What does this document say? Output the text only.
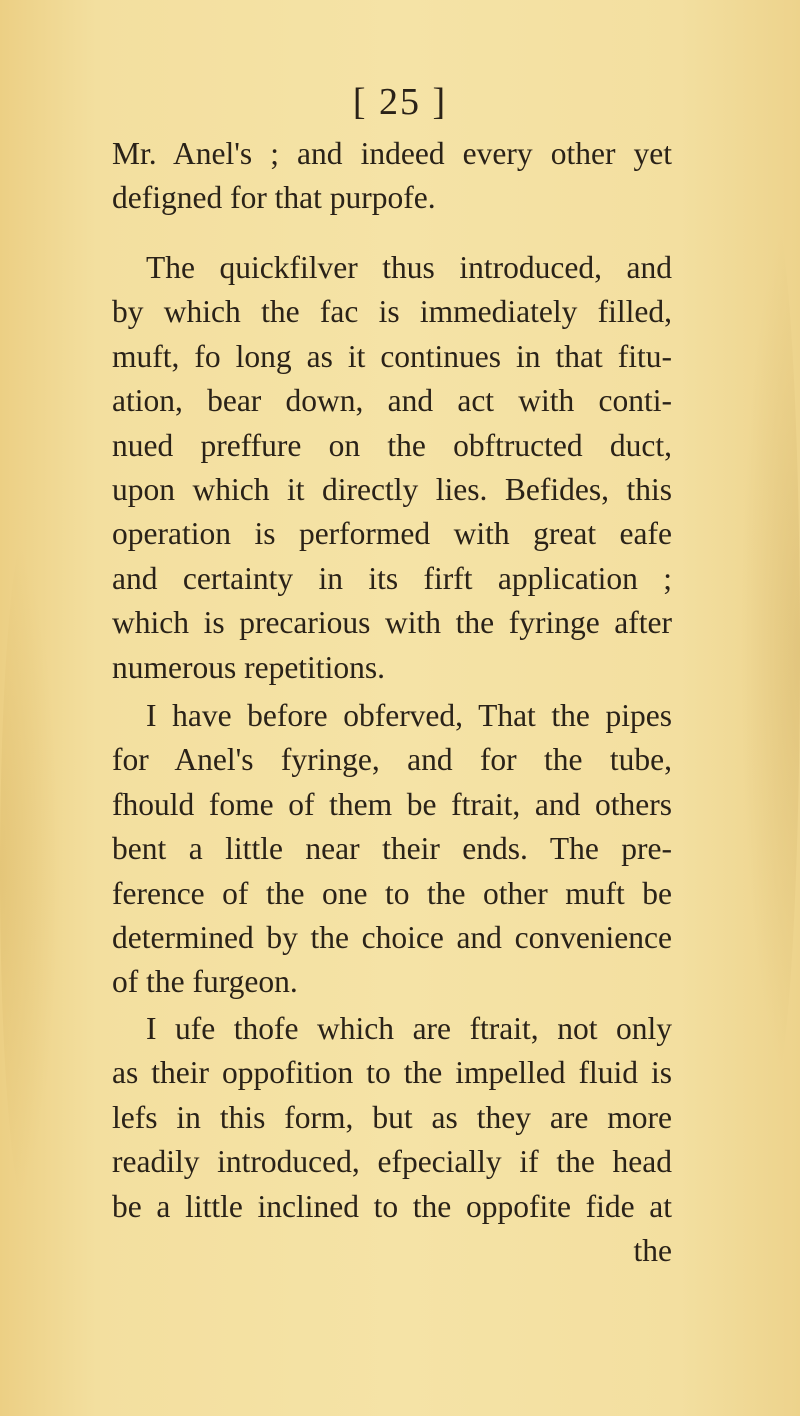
[ 25 ]
Mr. Anel's ; and indeed every other yet
defigned for that purpofe.
The quickfilver thus introduced, and
by which the fac is immediately filled,
muft, fo long as it continues in that fitu-
ation, bear down, and act with conti-
nued preffure on the obftructed duct,
upon which it directly lies. Befides, this
operation is performed with great eafe
and certainty in its firft application ;
which is precarious with the fyringe after
numerous repetitions.
I have before obferved, That the pipes
for Anel's fyringe, and for the tube,
fhould fome of them be ftrait, and others
bent a little near their ends. The pre-
ference of the one to the other muft be
determined by the choice and convenience
of the furgeon.
I ufe thofe which are ftrait, not only
as their oppofition to the impelled fluid is
lefs in this form, but as they are more
readily introduced, efpecially if the head
be a little inclined to the oppofite fide at
the
